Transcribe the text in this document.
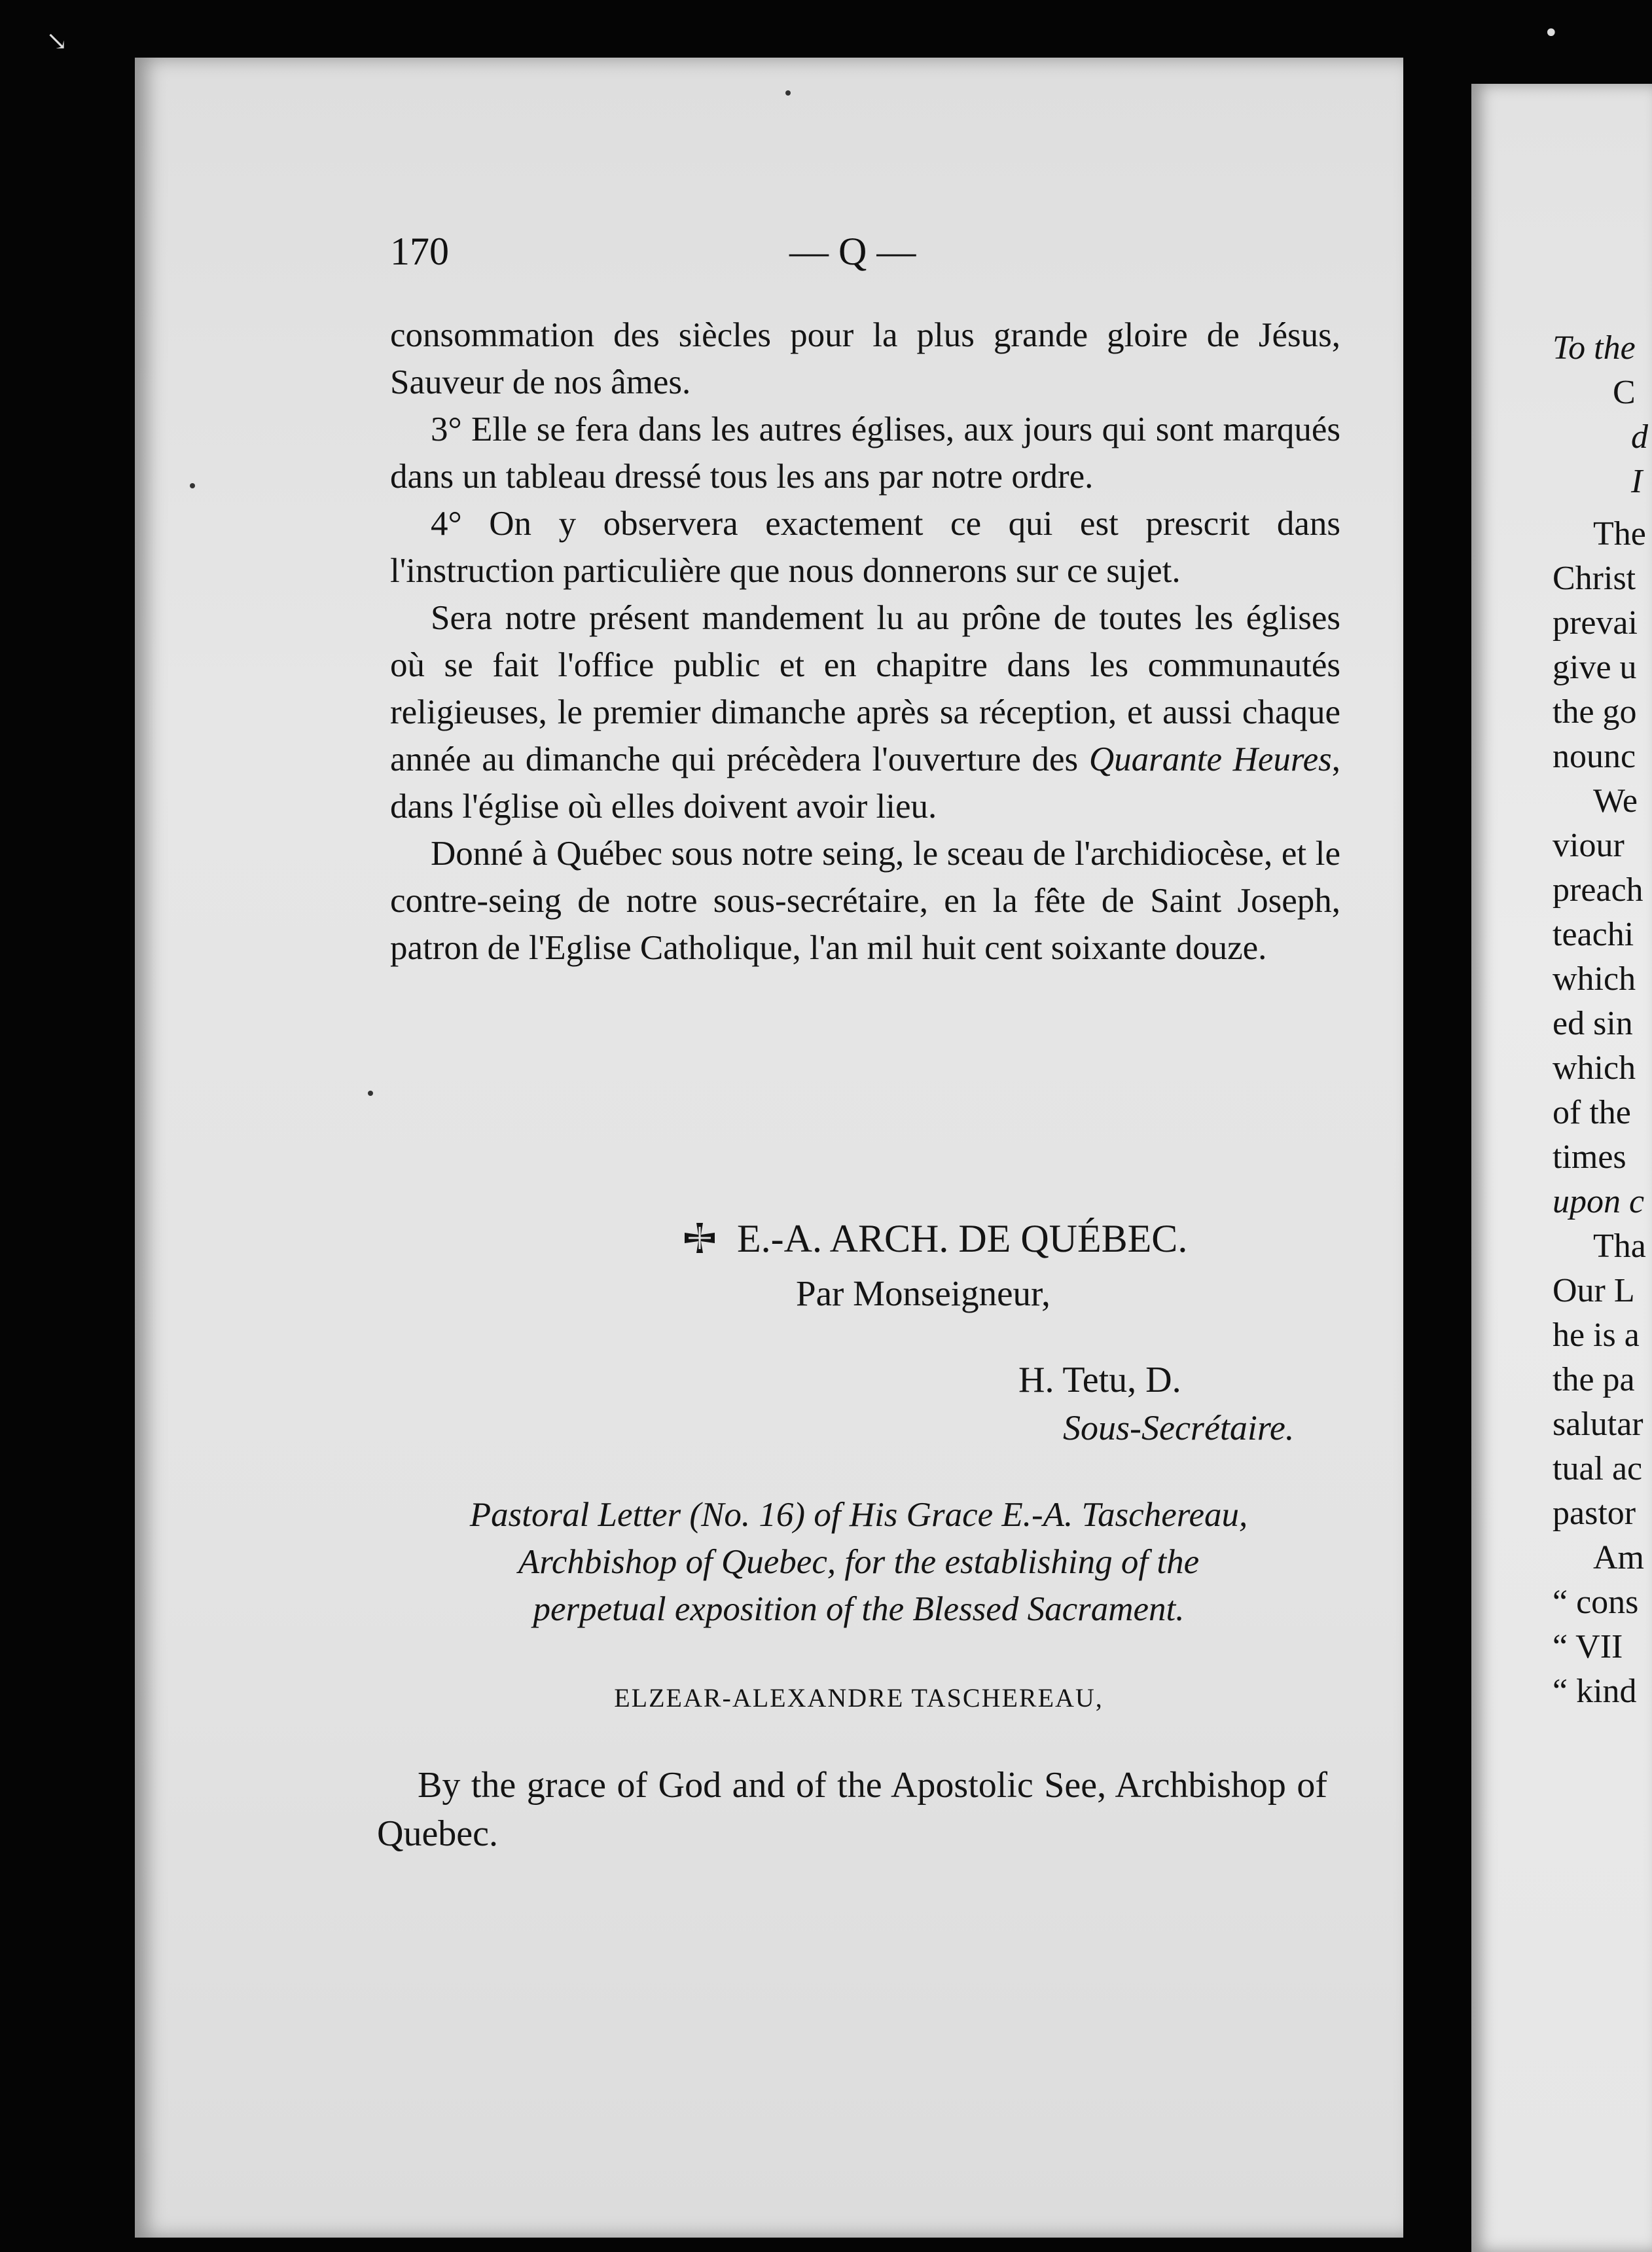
↘	•
To the
C
d
I
The
Christ
prevai
give u
the go
nounc
We
viour
preach
teachi
which
ed sin
which
of the
times
upon c
Tha
Our L
he is a
the pa
salutar
tual ac
pastor
Am
“ cons
“ VII
“ kind
170	— Q —

consommation des siècles pour la plus grande gloire de Jésus, Sauveur de nos âmes.

3° Elle se fera dans les autres églises, aux jours qui sont marqués dans un tableau dressé tous les ans par notre ordre.

4° On y observera exactement ce qui est prescrit dans l'instruction particulière que nous donnerons sur ce sujet.

Sera notre présent mandement lu au prône de toutes les églises où se fait l'office public et en chapitre dans les communautés religieuses, le premier dimanche après sa réception, et aussi chaque année au dimanche qui précèdera l'ouverture des Quarante Heures, dans l'église où elles doivent avoir lieu.

Donné à Québec sous notre seing, le sceau de l'archidiocèse, et le contre-seing de notre sous-secrétaire, en la fête de Saint Joseph, patron de l'Eglise Catholique, l'an mil huit cent soixante douze.

E.-A. ARCH. DE QUÉBEC.
Par Monseigneur,
H. Tetu, D.
Sous-Secrétaire.

Pastoral Letter (No. 16) of His Grace E.-A. Taschereau,

Archbishop of Quebec, for the establishing of the

perpetual exposition of the Blessed Sacrament.

ELZEAR-ALEXANDRE TASCHEREAU,

By the grace of God and of the Apostolic See, Archbishop of Quebec.
